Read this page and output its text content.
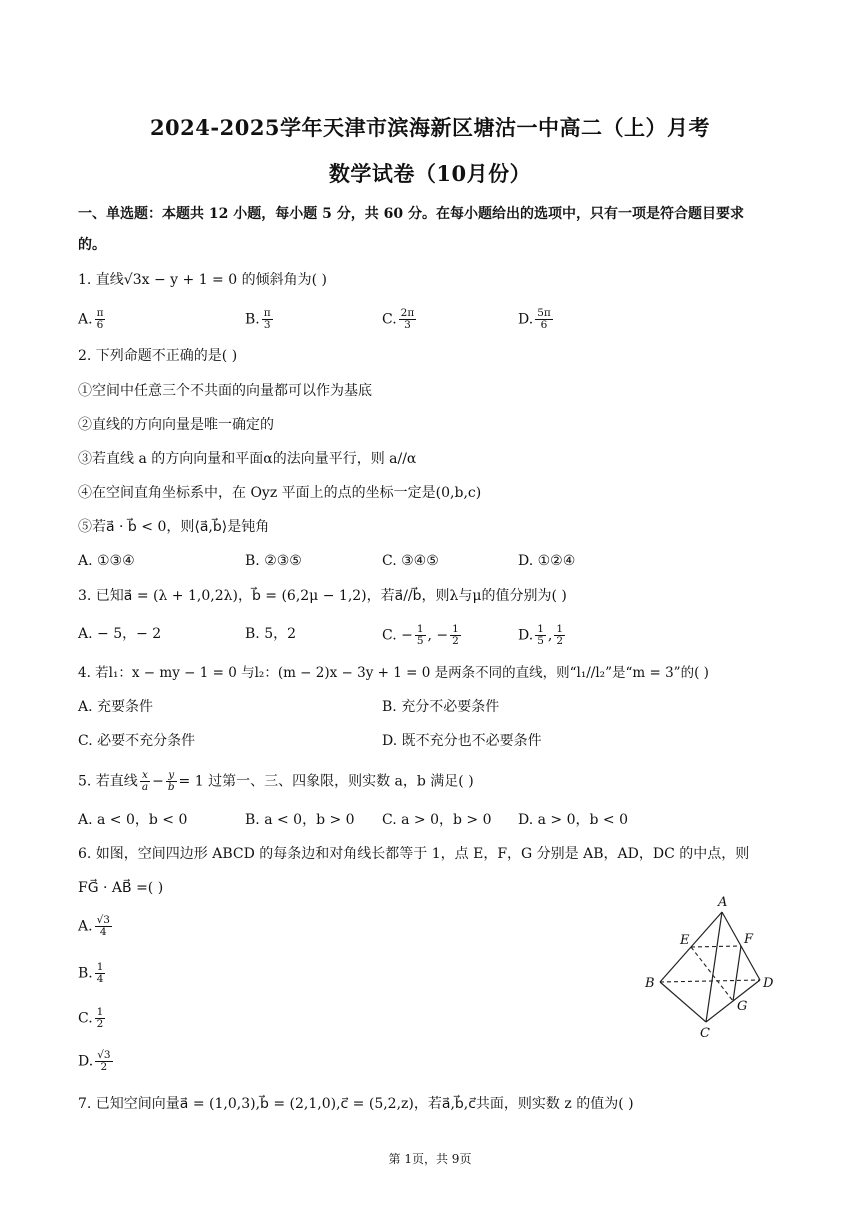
2024-2025学年天津市滨海新区塘沽一中高二（上）月考
数学试卷（10月份）
一、单选题：本题共 12 小题，每小题 5 分，共 60 分。在每小题给出的选项中，只有一项是符合题目要求
的。
1. 直线√3x − y + 1 = 0 的倾斜角为( )
A. $\frac{\pi}{6}$	B. $\frac{\pi}{3}$	C. $\frac{2\pi}{3}$	D. $\frac{5\pi}{6}$
2. 下列命题不正确的是( )
①空间中任意三个不共面的向量都可以作为基底
②直线的方向向量是唯一确定的
③若直线 a 的方向向量和平面α的法向量平行，则 a//α
④在空间直角坐标系中，在 Oyz 平面上的点的坐标一定是(0,b,c)
⑤若a⃗ · b⃗ < 0，则⟨a⃗,b⃗⟩是钝角
A. ①③④	B. ②③⑤	C. ③④⑤	D. ①②④
3. 已知a⃗ = (λ + 1,0,2λ)，b⃗ = (6,2μ − 1,2)，若a⃗//b⃗，则λ与μ的值分别为( )
A. − 5，− 2	B. 5，2	C. − $\frac{1}{5}$ , − $\frac{1}{2}$	D. $\frac{1}{5}$ , $\frac{1}{2}$
4. 若l₁：x − my − 1 = 0 与l₂：(m − 2)x − 3y + 1 = 0 是两条不同的直线，则“l₁//l₂”是“m = 3”的( )
A. 充要条件	B. 充分不必要条件
C. 必要不充分条件	D. 既不充分也不必要条件
5. 若直线 $\frac{x}{a} - \frac{y}{b} = 1$ 过第一、三、四象限，则实数 a，b 满足( )
A. a < 0，b < 0	B. a < 0，b > 0 C. a > 0，b > 0 D. a > 0，b < 0
6. 如图，空间四边形 ABCD 的每条边和对角线长都等于 1，点 E，F，G 分别是 AB，AD，DC 的中点，则
FG⃗ · AB⃗ =( )
A. $\frac{√3}{4}$
B. $\frac{1}{4}$
C. $\frac{1}{2}$
D. $\frac{√3}{2}$
A
B
C
D
E	F
G
7. 已知空间向量a⃗ = (1,0,3),b⃗ = (2,1,0),c⃗ = (5,2,z)，若a⃗,b⃗,c⃗共面，则实数 z 的值为( )
第 1页，共 9页
